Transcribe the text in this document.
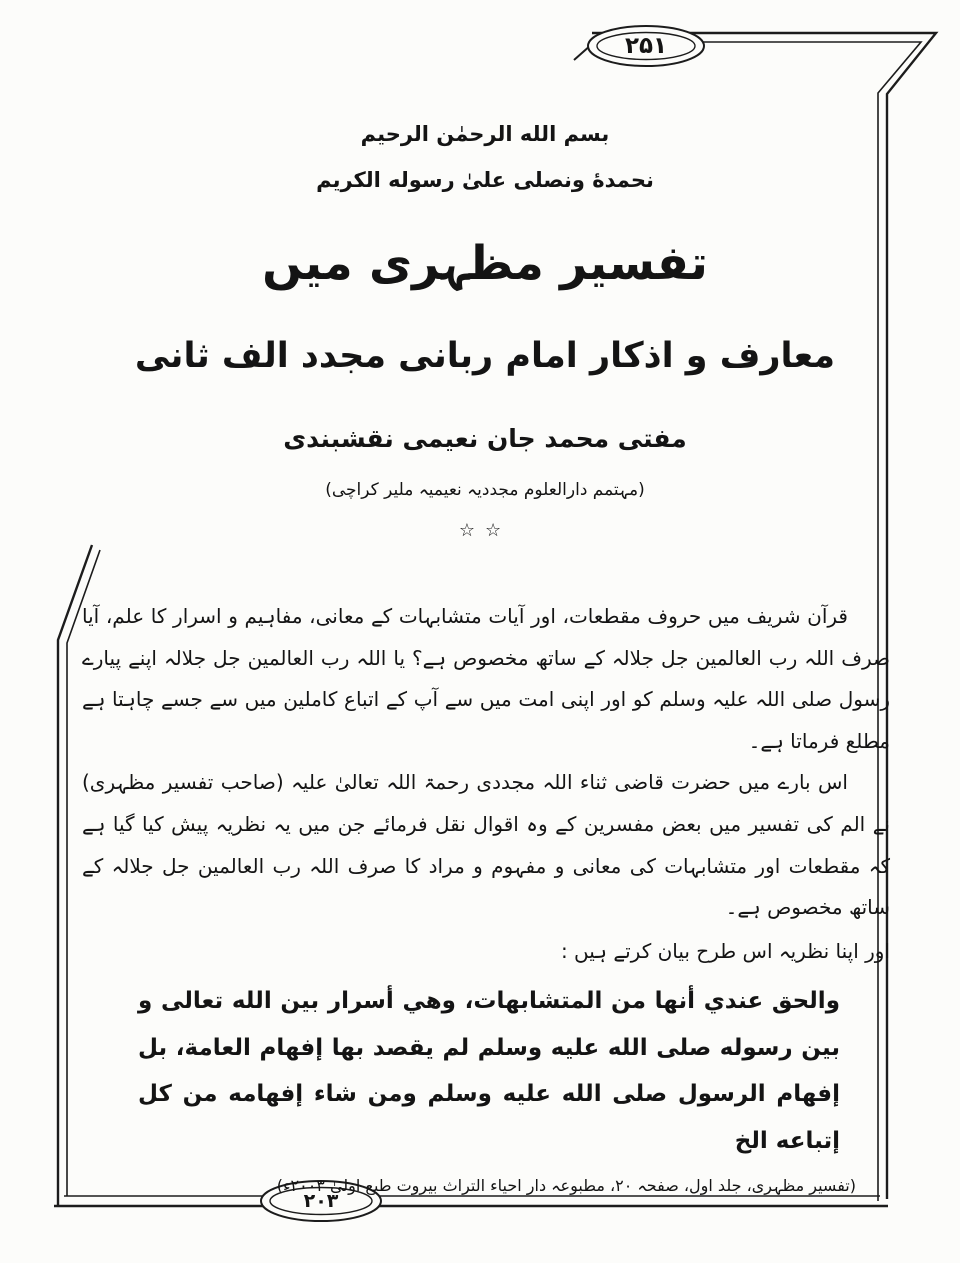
۲۵۱
بسم الله الرحمٰن الرحیم
نحمدهٔ ونصلی علیٰ رسوله الکریم
تفسیر مظہری میں
معارف و اذکار امام ربانی مجدد الف ثانی
مفتی محمد جان نعیمی نقشبندی
(مہتمم دارالعلوم مجددیہ نعیمیہ ملیر کراچی)
☆☆

قرآن شریف میں حروف مقطعات، اور آیات متشابہات کے معانی، مفاہیم و اسرار کا علم، آیا صرف اللہ رب العالمین جل جلالہ کے ساتھ مخصوص ہے؟ یا اللہ رب العالمین جل جلالہ اپنے پیارے رسول صلی اللہ علیہ وسلم کو اور اپنی امت میں سے آپ کے اتباع کاملین میں سے جسے چاہتا ہے مطلع فرماتا ہے۔

اس بارے میں حضرت قاضی ثناء اللہ مجددی رحمۃ اللہ تعالیٰ علیہ (صاحب تفسیر مظہری) نے الم کی تفسیر میں بعض مفسرین کے وہ اقوال نقل فرمائے جن میں یہ نظریہ پیش کیا گیا ہے کہ مقطعات اور متشابہات کی معانی و مفہوم و مراد کا صرف اللہ رب العالمین جل جلالہ کے ساتھ مخصوص ہے۔

اور اپنا نظریہ اس طرح بیان کرتے ہیں :

والحق عندي أنها من المتشابهات، وهي أسرار بين الله تعالى و بين رسوله صلى الله عليه وسلم لم يقصد بها إفهام العامة، بل إفهام الرسول صلى الله عليه وسلم ومن شاء إفهامه من كل إتباعه الخ

(تفسیر مظہری، جلد اول، صفحہ ۲۰، مطبوعہ دار احیاء التراث بیروت طبع اولیٰ ۲۰۰۳ء)

۲۰۳
